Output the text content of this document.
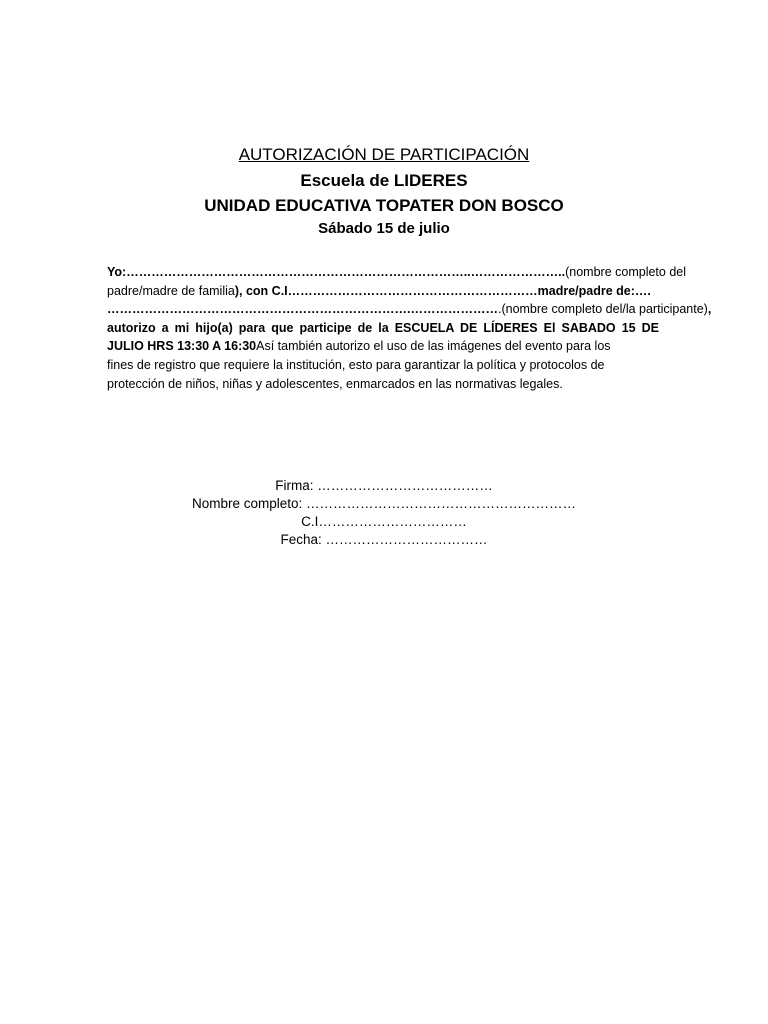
AUTORIZACIÓN DE PARTICIPACIÓN
Escuela de LIDERES
UNIDAD EDUCATIVA TOPATER DON BOSCO
Sábado 15 de julio
Yo:………………………………………………………………………..…………………..(nombre completo del
padre/madre de familia), con C.I……………………………………………………madre/padre de:….
……………………………………………………………….………………….(nombre completo del/la participante),
autorizo a mi hijo(a) para que participe de la ESCUELA DE LÍDERES El SABADO 15 DE
JULIO HRS 13:30 A 16:30Así también autorizo el uso de las imágenes del evento para los
fines de registro que requiere la institución, esto para garantizar la política y protocolos de
protección de niños, niñas y adolescentes, enmarcados en las normativas legales.
Firma: …………………………………
Nombre completo: ……………………………………………………
C.I……………………………
Fecha: ………………………………
